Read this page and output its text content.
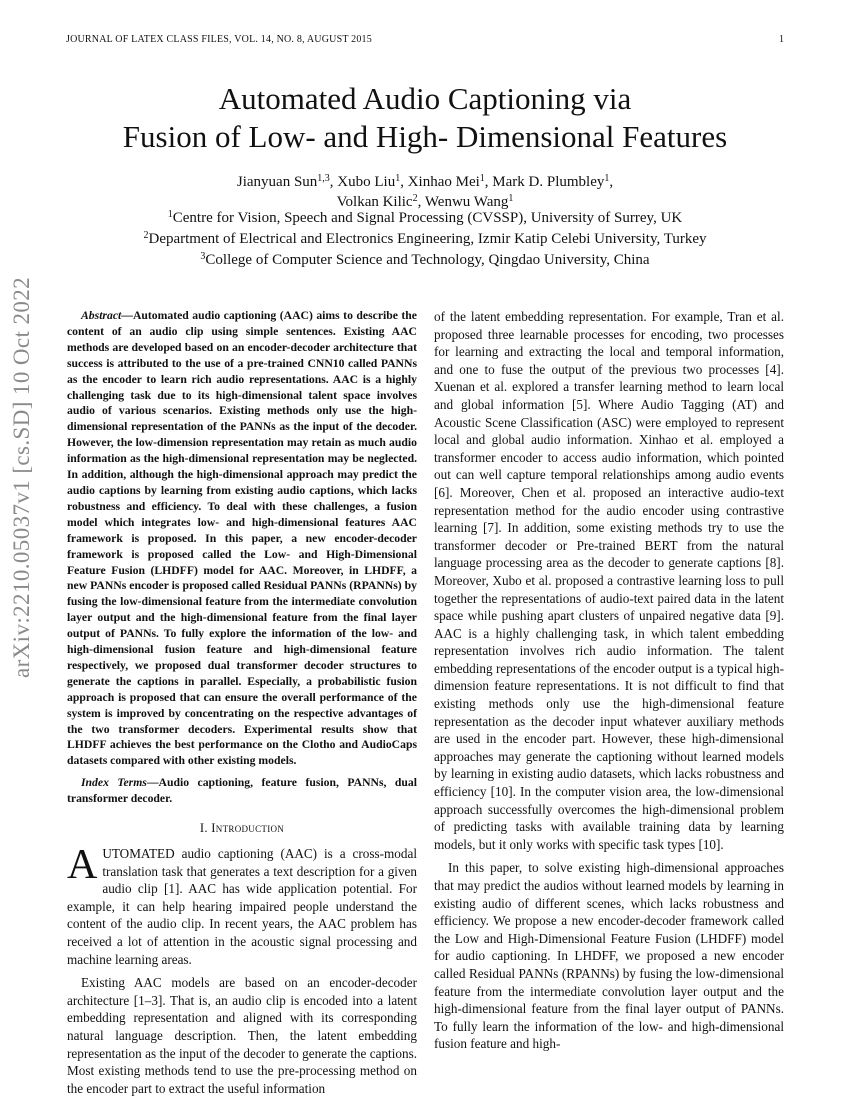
JOURNAL OF LATEX CLASS FILES, VOL. 14, NO. 8, AUGUST 2015	1
arXiv:2210.05037v1 [cs.SD] 10 Oct 2022
Automated Audio Captioning via
Fusion of Low- and High- Dimensional Features
Jianyuan Sun$^{1,3}$, Xubo Liu$^1$, Xinhao Mei$^1$, Mark D. Plumbley$^1$,
Volkan Kilic$^2$, Wenwu Wang$^1$
$^1$Centre for Vision, Speech and Signal Processing (CVSSP), University of Surrey, UK
$^2$Department of Electrical and Electronics Engineering, Izmir Katip Celebi University, Turkey
$^3$College of Computer Science and Technology, Qingdao University, China

Abstract—Automated audio captioning (AAC) aims to describe the content of an audio clip using simple sentences. Existing AAC methods are developed based on an encoder-decoder architecture that success is attributed to the use of a pre-trained CNN10 called PANNs as the encoder to learn rich audio representations. AAC is a highly challenging task due to its high-dimensional talent space involves audio of various scenarios. Existing methods only use the high-dimensional representation of the PANNs as the input of the decoder. However, the low-dimension representation may retain as much audio information as the high-dimensional representation may be neglected. In addition, although the high-dimensional approach may predict the audio captions by learning from existing audio captions, which lacks robustness and efficiency. To deal with these challenges, a fusion model which integrates low- and high-dimensional features AAC framework is proposed. In this paper, a new encoder-decoder framework is proposed called the Low- and High-Dimensional Feature Fusion (LHDFF) model for AAC. Moreover, in LHDFF, a new PANNs encoder is proposed called Residual PANNs (RPANNs) by fusing the low-dimensional feature from the intermediate convolution layer output and the high-dimensional feature from the final layer output of PANNs. To fully explore the information of the low- and high-dimensional fusion feature and high-dimensional feature respectively, we proposed dual transformer decoder structures to generate the captions in parallel. Especially, a probabilistic fusion approach is proposed that can ensure the overall performance of the system is improved by concentrating on the respective advantages of the two transformer decoders. Experimental results show that LHDFF achieves the best performance on the Clotho and AudioCaps datasets compared with other existing models.

Index Terms—Audio captioning, feature fusion, PANNs, dual transformer decoder.

I. Introduction

AUTOMATED audio captioning (AAC) is a cross-modal translation task that generates a text description for a given audio clip [1]. AAC has wide application potential. For example, it can help hearing impaired people understand the content of the audio clip. In recent years, the AAC problem has received a lot of attention in the acoustic signal processing and machine learning areas.

Existing AAC models are based on an encoder-decoder architecture [1–3]. That is, an audio clip is encoded into a latent embedding representation and aligned with its corresponding natural language description. Then, the latent embedding representation as the input of the decoder to generate the captions. Most existing methods tend to use the pre-processing method on the encoder part to extract the useful information

of the latent embedding representation. For example, Tran et al. proposed three learnable processes for encoding, two processes for learning and extracting the local and temporal information, and one to fuse the output of the previous two processes [4]. Xuenan et al. explored a transfer learning method to learn local and global information [5]. Where Audio Tagging (AT) and Acoustic Scene Classification (ASC) were employed to represent local and global audio information. Xinhao et al. employed a transformer encoder to access audio information, which pointed out can well capture temporal relationships among audio events [6]. Moreover, Chen et al. proposed an interactive audio-text representation method for the audio encoder using contrastive learning [7]. In addition, some existing methods try to use the transformer decoder or Pre-trained BERT from the natural language processing area as the decoder to generate captions [8]. Moreover, Xubo et al. proposed a contrastive learning loss to pull together the representations of audio-text paired data in the latent space while pushing apart clusters of unpaired negative data [9]. AAC is a highly challenging task, in which talent embedding representation involves rich audio information. The talent embedding representations of the encoder output is a typical high-dimension feature representations. It is not difficult to find that existing methods only use the high-dimensional feature representation as the decoder input whatever auxiliary methods are used in the encoder part. However, these high-dimensional approaches may generate the captioning without learned models by learning in existing audio datasets, which lacks robustness and efficiency [10]. In the computer vision area, the low-dimensional approach successfully overcomes the high-dimensional problem of predicting tasks with available training data by learning models, but it only works with specific task types [10].

In this paper, to solve existing high-dimensional approaches that may predict the audios without learned models by learning in existing audio of different scenes, which lacks robustness and efficiency. We propose a new encoder-decoder framework called the Low and High-Dimensional Feature Fusion (LHDFF) model for audio captioning. In LHDFF, we proposed a new encoder called Residual PANNs (RPANNs) by fusing the low-dimensional feature from the intermediate convolution layer output and the high-dimensional feature from the final layer output of PANNs. To fully learn the information of the low- and high-dimensional fusion feature and high-
